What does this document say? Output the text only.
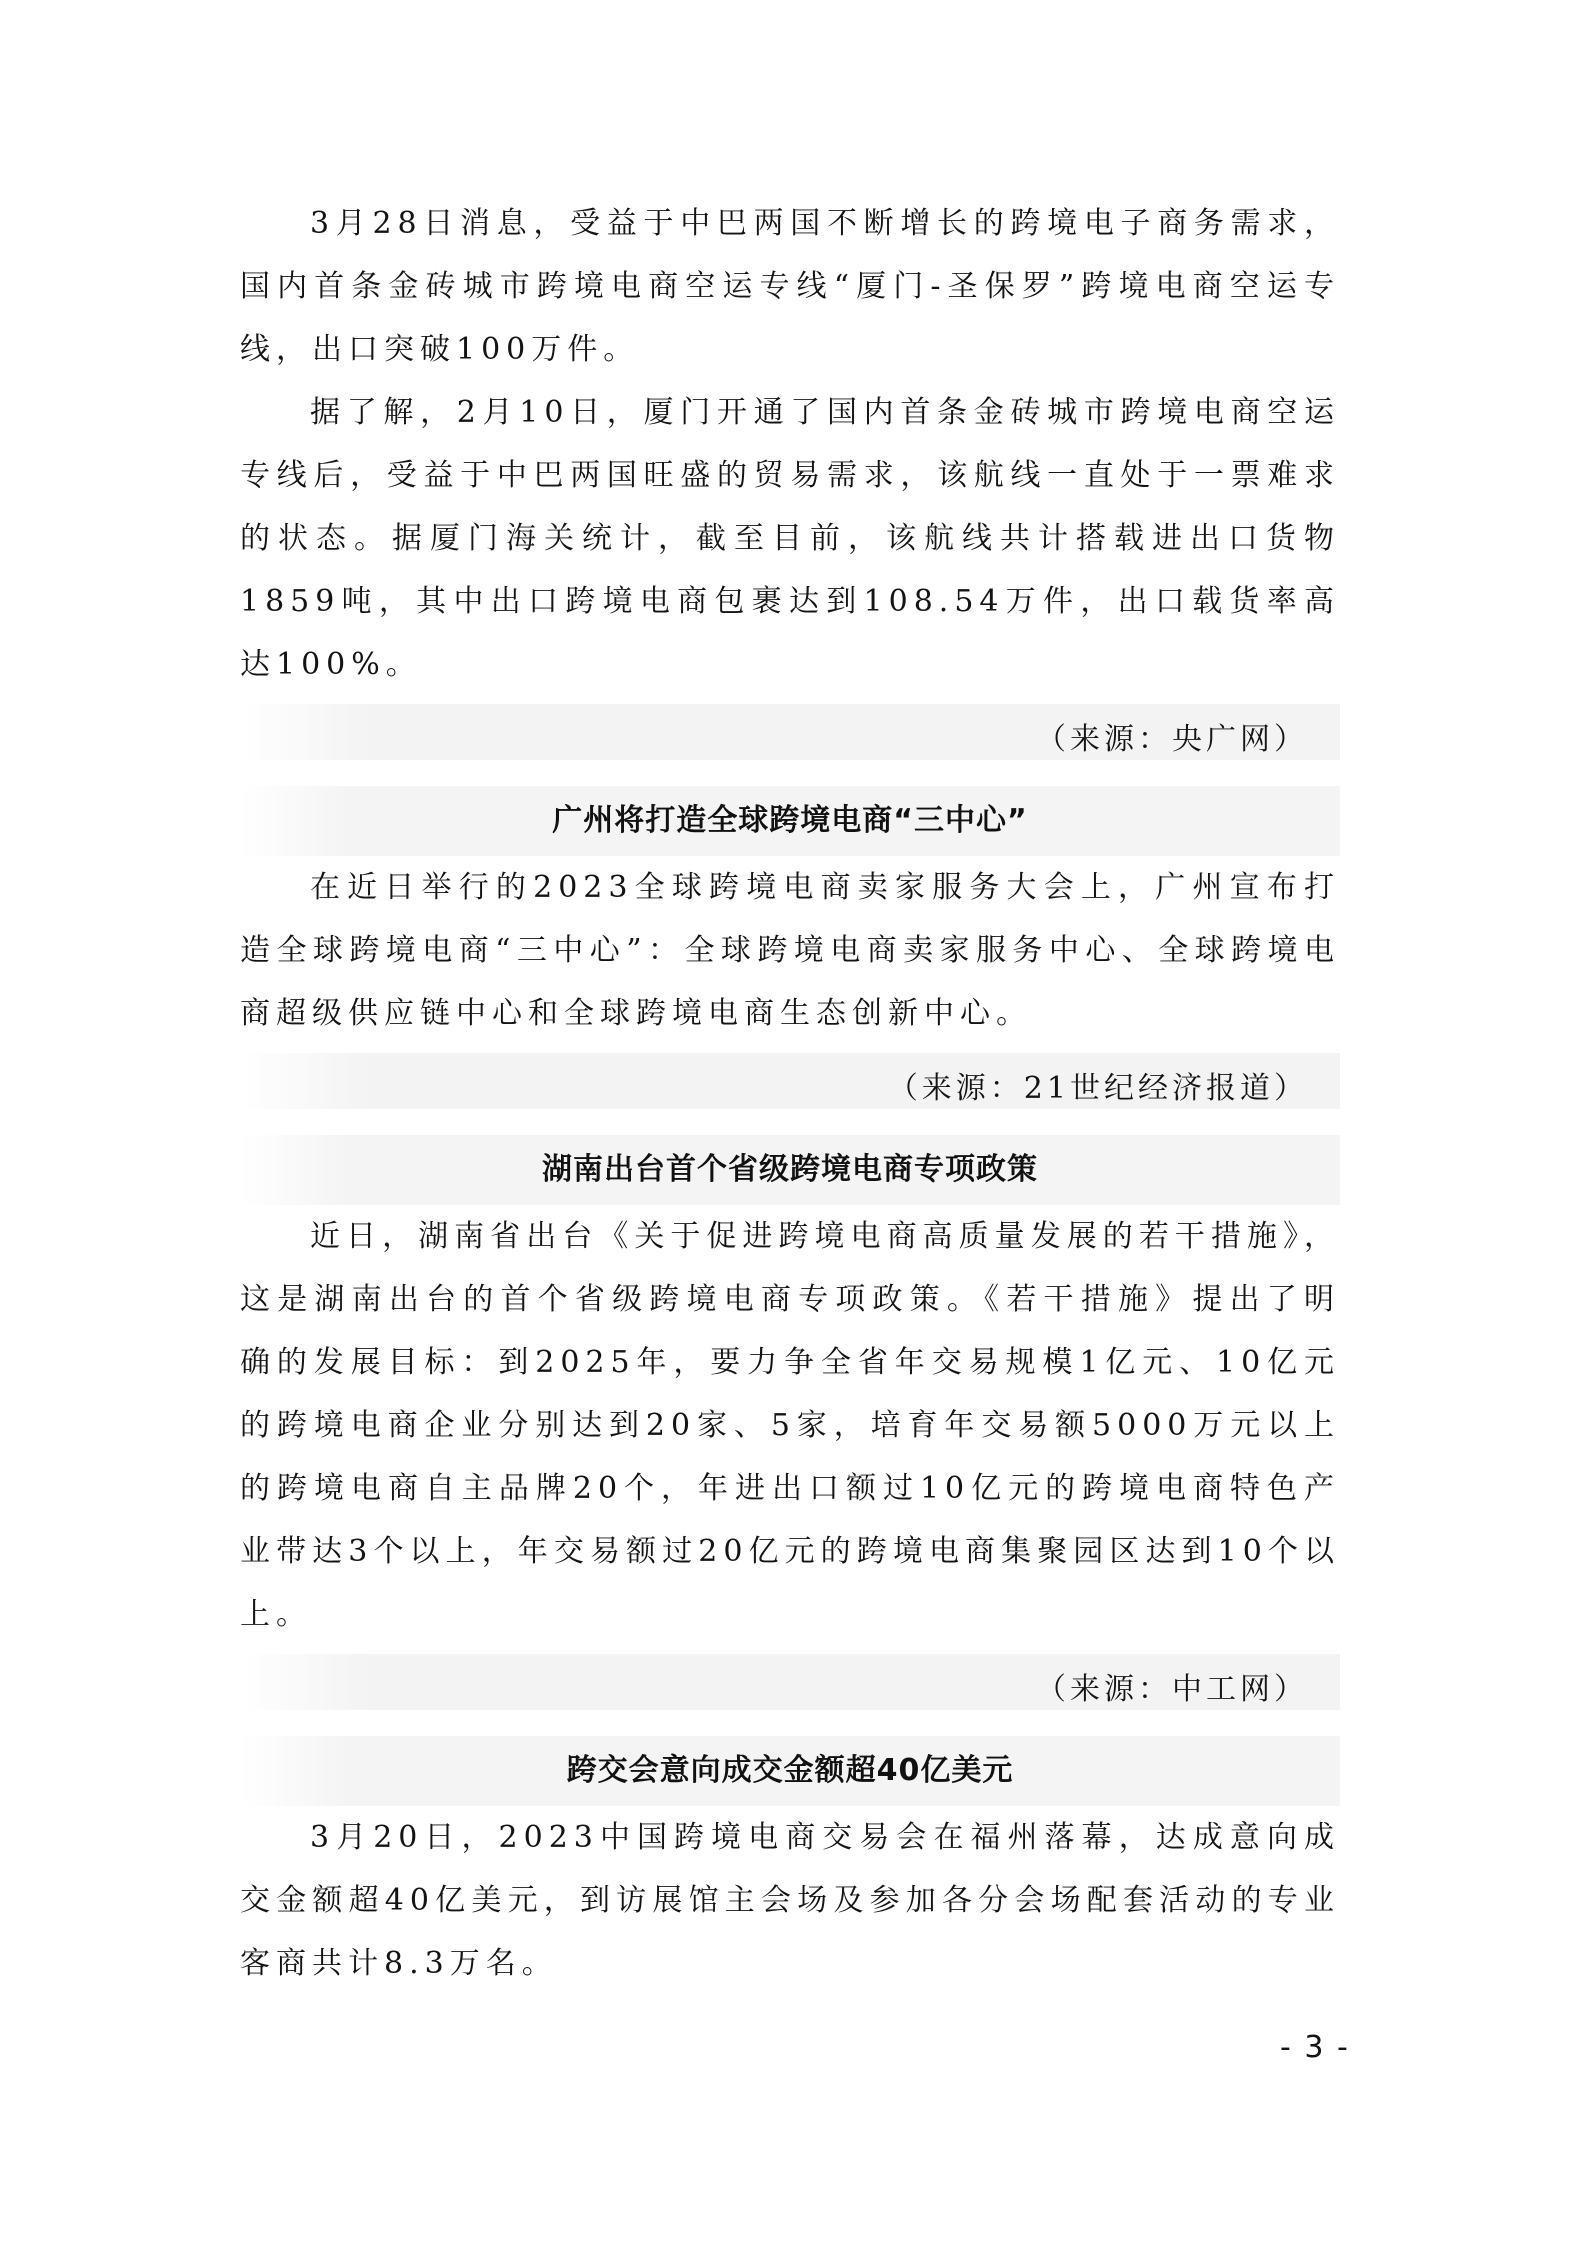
3月28日消息，受益于中巴两国不断增长的跨境电子商务需求，国内首条金砖城市跨境电商空运专线“厦门-圣保罗”跨境电商空运专线，出口突破100万件。

据了解，2月10日，厦门开通了国内首条金砖城市跨境电商空运专线后，受益于中巴两国旺盛的贸易需求，该航线一直处于一票难求的状态。据厦门海关统计，截至目前，该航线共计搭载进出口货物1859吨，其中出口跨境电商包裹达到108.54万件，出口载货率高达100%。

（来源：央广网）
广州将打造全球跨境电商“三中心”

在近日举行的2023全球跨境电商卖家服务大会上，广州宣布打造全球跨境电商“三中心”：全球跨境电商卖家服务中心、全球跨境电商超级供应链中心和全球跨境电商生态创新中心。

（来源：21世纪经济报道）
湖南出台首个省级跨境电商专项政策

近日，湖南省出台《关于促进跨境电商高质量发展的若干措施》，这是湖南出台的首个省级跨境电商专项政策。《若干措施》提出了明确的发展目标：到2025年，要力争全省年交易规模1亿元、10亿元的跨境电商企业分别达到20家、5家，培育年交易额5000万元以上的跨境电商自主品牌20个，年进出口额过10亿元的跨境电商特色产业带达3个以上，年交易额过20亿元的跨境电商集聚园区达到10个以上。

（来源：中工网）
跨交会意向成交金额超40亿美元

3月20日，2023中国跨境电商交易会在福州落幕，达成意向成交金额超40亿美元，到访展馆主会场及参加各分会场配套活动的专业客商共计8.3万名。

- 3 -
